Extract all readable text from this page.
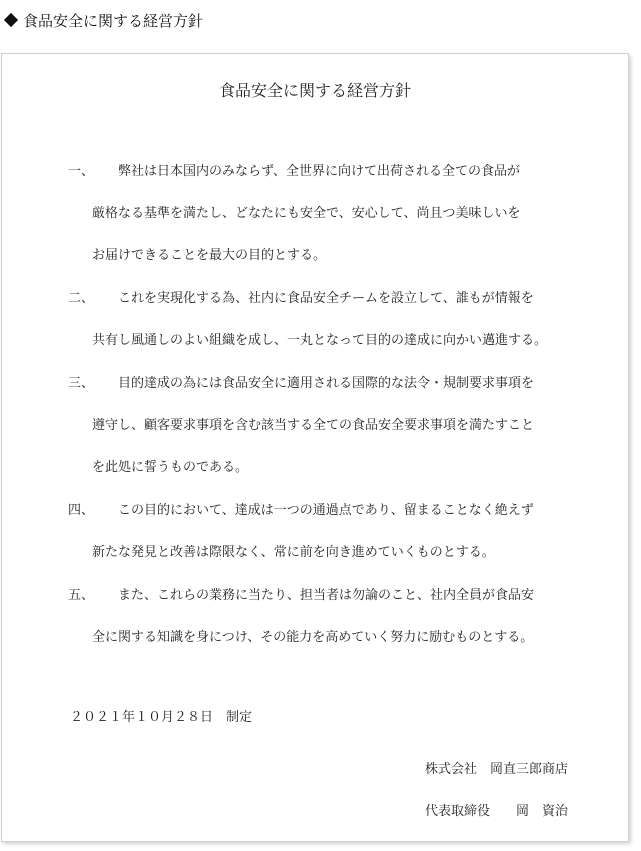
食品安全に関する経営方針
食品安全に関する経営方針
一、	弊社は日本国内のみならず、全世界に向けて出荷される全ての食品が
厳格なる基準を満たし、どなたにも安全で、安心して、尚且つ美味しいを
お届けできることを最大の目的とする。
二、	これを実現化する為、社内に食品安全チームを設立して、誰もが情報を
共有し風通しのよい組織を成し、一丸となって目的の達成に向かい邁進する。
三、	目的達成の為には食品安全に適用される国際的な法令・規制要求事項を
遵守し、顧客要求事項を含む該当する全ての食品安全要求事項を満たすこと
を此処に誓うものである。
四、	この目的において、達成は一つの通過点であり、留まることなく絶えず
新たな発見と改善は際限なく、常に前を向き進めていくものとする。
五、	また、これらの業務に当たり、担当者は勿論のこと、社内全員が食品安
全に関する知識を身につけ、その能力を高めていく努力に励むものとする。
２０２１年１０月２８日　制定
株式会社　岡直三郎商店
代表取締役　　岡　資治
